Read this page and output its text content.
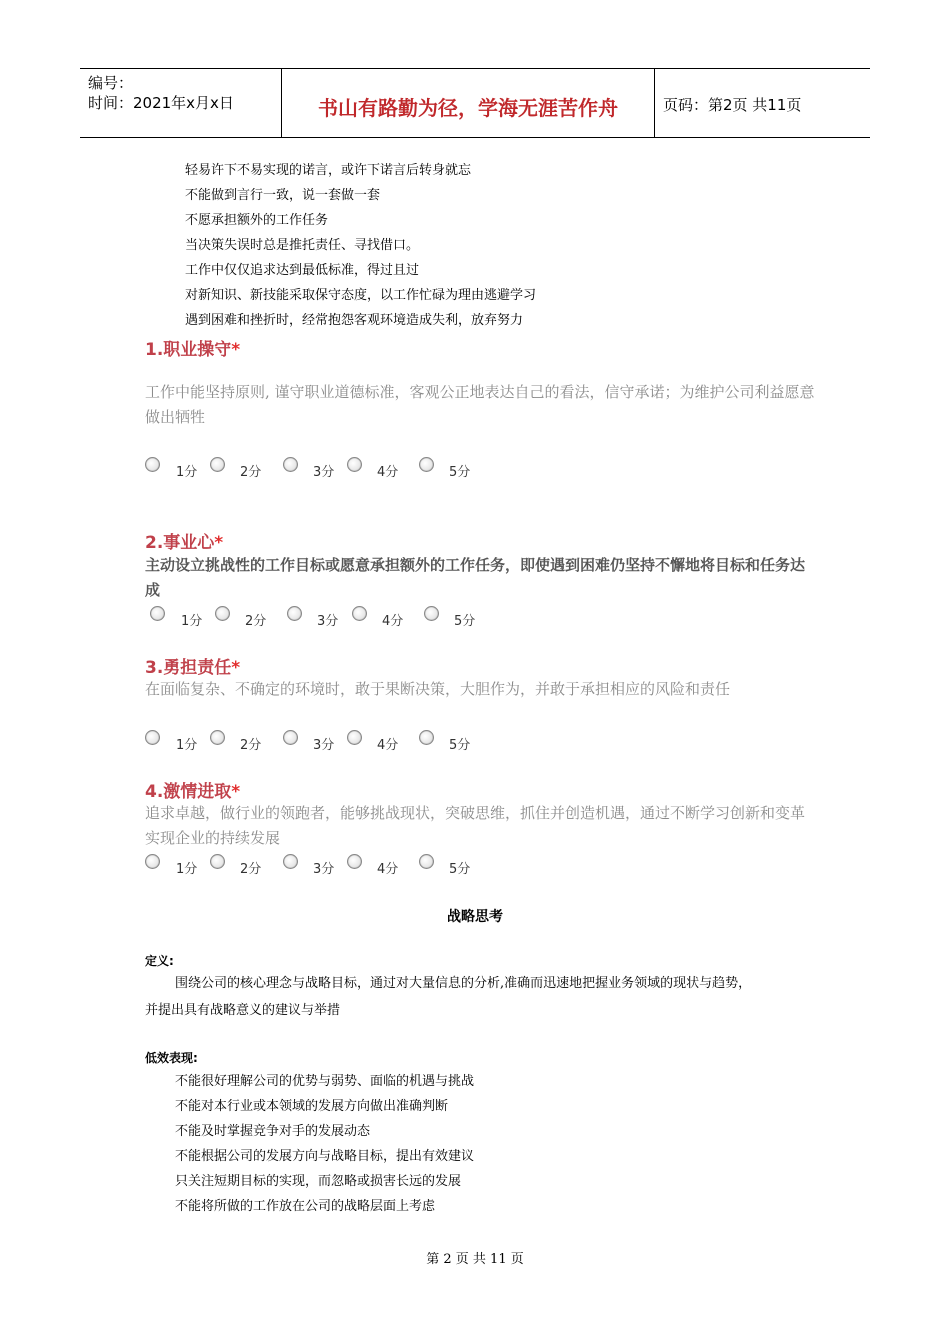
编号：
时间：2021年x月x日	书山有路勤为径，学海无涯苦作舟	页码：第2页 共11页
轻易许下不易实现的诺言，或许下诺言后转身就忘
不能做到言行一致，说一套做一套
不愿承担额外的工作任务
当决策失误时总是推托责任、寻找借口。
工作中仅仅追求达到最低标准，得过且过
对新知识、新技能采取保守态度，以工作忙碌为理由逃避学习
遇到困难和挫折时，经常抱怨客观环境造成失利，放弃努力
1.职业操守*
工作中能坚持原则, 谨守职业道德标准，客观公正地表达自己的看法，信守承诺；为维护公司利益愿意做出牺牲
1分	2分	3分	4分	5分
2.事业心*
主动设立挑战性的工作目标或愿意承担额外的工作任务，即使遇到困难仍坚持不懈地将目标和任务达成
1分	2分	3分	4分	5分
3.勇担责任*
在面临复杂、不确定的环境时，敢于果断决策，大胆作为，并敢于承担相应的风险和责任
1分	2分	3分	4分	5分
4.激情进取*
追求卓越，做行业的领跑者，能够挑战现状，突破思维，抓住并创造机遇，通过不断学习创新和变革实现企业的持续发展
1分	2分	3分	4分	5分
战略思考
定义:
围绕公司的核心理念与战略目标，通过对大量信息的分析,准确而迅速地把握业务领域的现状与趋势，
并提出具有战略意义的建议与举措
低效表现:
不能很好理解公司的优势与弱势、面临的机遇与挑战
不能对本行业或本领域的发展方向做出准确判断
不能及时掌握竞争对手的发展动态
不能根据公司的发展方向与战略目标，提出有效建议
只关注短期目标的实现，而忽略或损害长远的发展
不能将所做的工作放在公司的战略层面上考虑
第 2 页 共 11 页
